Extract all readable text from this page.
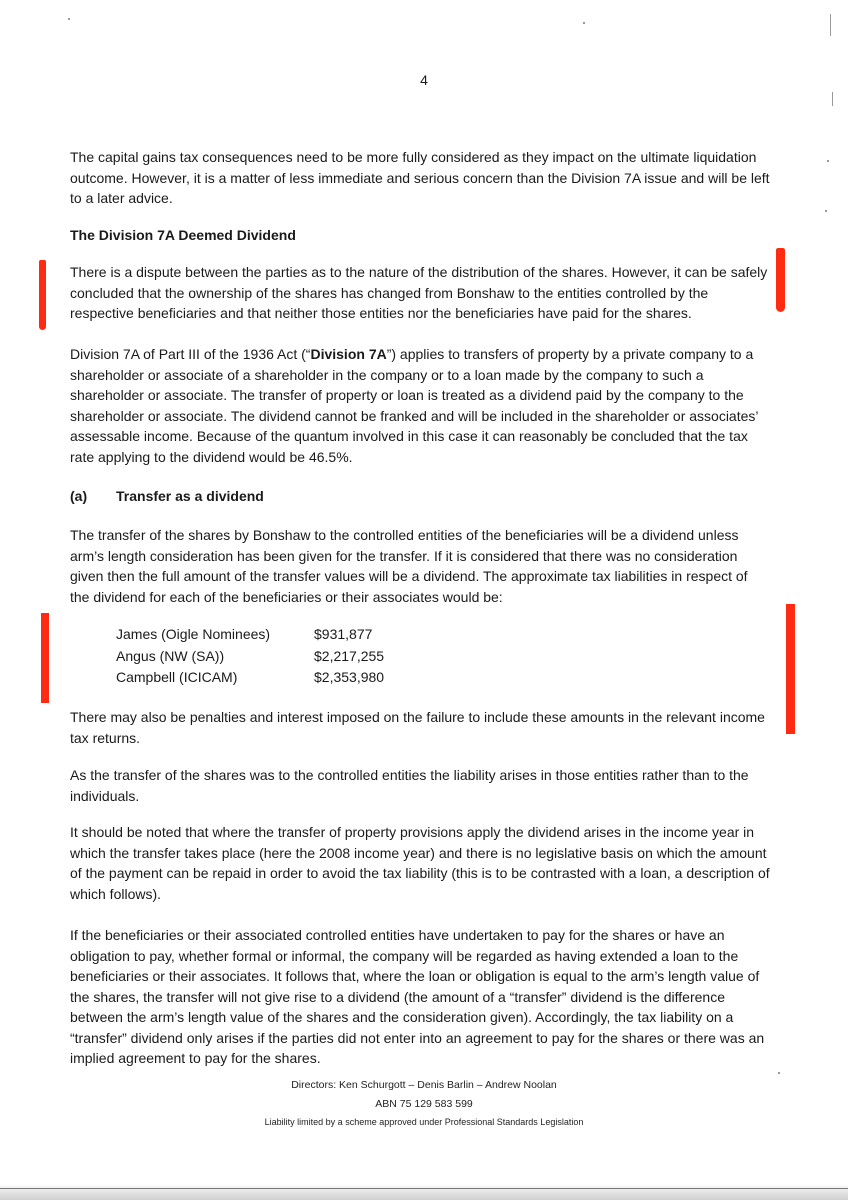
4

The capital gains tax consequences need to be more fully considered as they impact on the ultimate liquidation outcome. However, it is a matter of less immediate and serious concern than the Division 7A issue and will be left to a later advice.

The Division 7A Deemed Dividend

There is a dispute between the parties as to the nature of the distribution of the shares. However, it can be safely concluded that the ownership of the shares has changed from Bonshaw to the entities controlled by the respective beneficiaries and that neither those entities nor the beneficiaries have paid for the shares.

Division 7A of Part III of the 1936 Act (“Division 7A”) applies to transfers of property by a private company to a shareholder or associate of a shareholder in the company or to a loan made by the company to such a shareholder or associate. The transfer of property or loan is treated as a dividend paid by the company to the shareholder or associate. The dividend cannot be franked and will be included in the shareholder or associates’ assessable income. Because of the quantum involved in this case it can reasonably be concluded that the tax rate applying to the dividend would be 46.5%.

(a) Transfer as a dividend

The transfer of the shares by Bonshaw to the controlled entities of the beneficiaries will be a dividend unless arm’s length consideration has been given for the transfer. If it is considered that there was no consideration given then the full amount of the transfer values will be a dividend. The approximate tax liabilities in respect of the dividend for each of the beneficiaries or their associates would be:

James (Oigle Nominees)	$931,877
Angus (NW (SA))	$2,217,255
Campbell (ICICAM)	$2,353,980

There may also be penalties and interest imposed on the failure to include these amounts in the relevant income tax returns.

As the transfer of the shares was to the controlled entities the liability arises in those entities rather than to the individuals.

It should be noted that where the transfer of property provisions apply the dividend arises in the income year in which the transfer takes place (here the 2008 income year) and there is no legislative basis on which the amount of the payment can be repaid in order to avoid the tax liability (this is to be contrasted with a loan, a description of which follows).

If the beneficiaries or their associated controlled entities have undertaken to pay for the shares or have an obligation to pay, whether formal or informal, the company will be regarded as having extended a loan to the beneficiaries or their associates. It follows that, where the loan or obligation is equal to the arm’s length value of the shares, the transfer will not give rise to a dividend (the amount of a “transfer” dividend is the difference between the arm’s length value of the shares and the consideration given). Accordingly, the tax liability on a “transfer” dividend only arises if the parties did not enter into an agreement to pay for the shares or there was an implied agreement to pay for the shares.

Directors: Ken Schurgott – Denis Barlin – Andrew Noolan
ABN 75 129 583 599
Liability limited by a scheme approved under Professional Standards Legislation
